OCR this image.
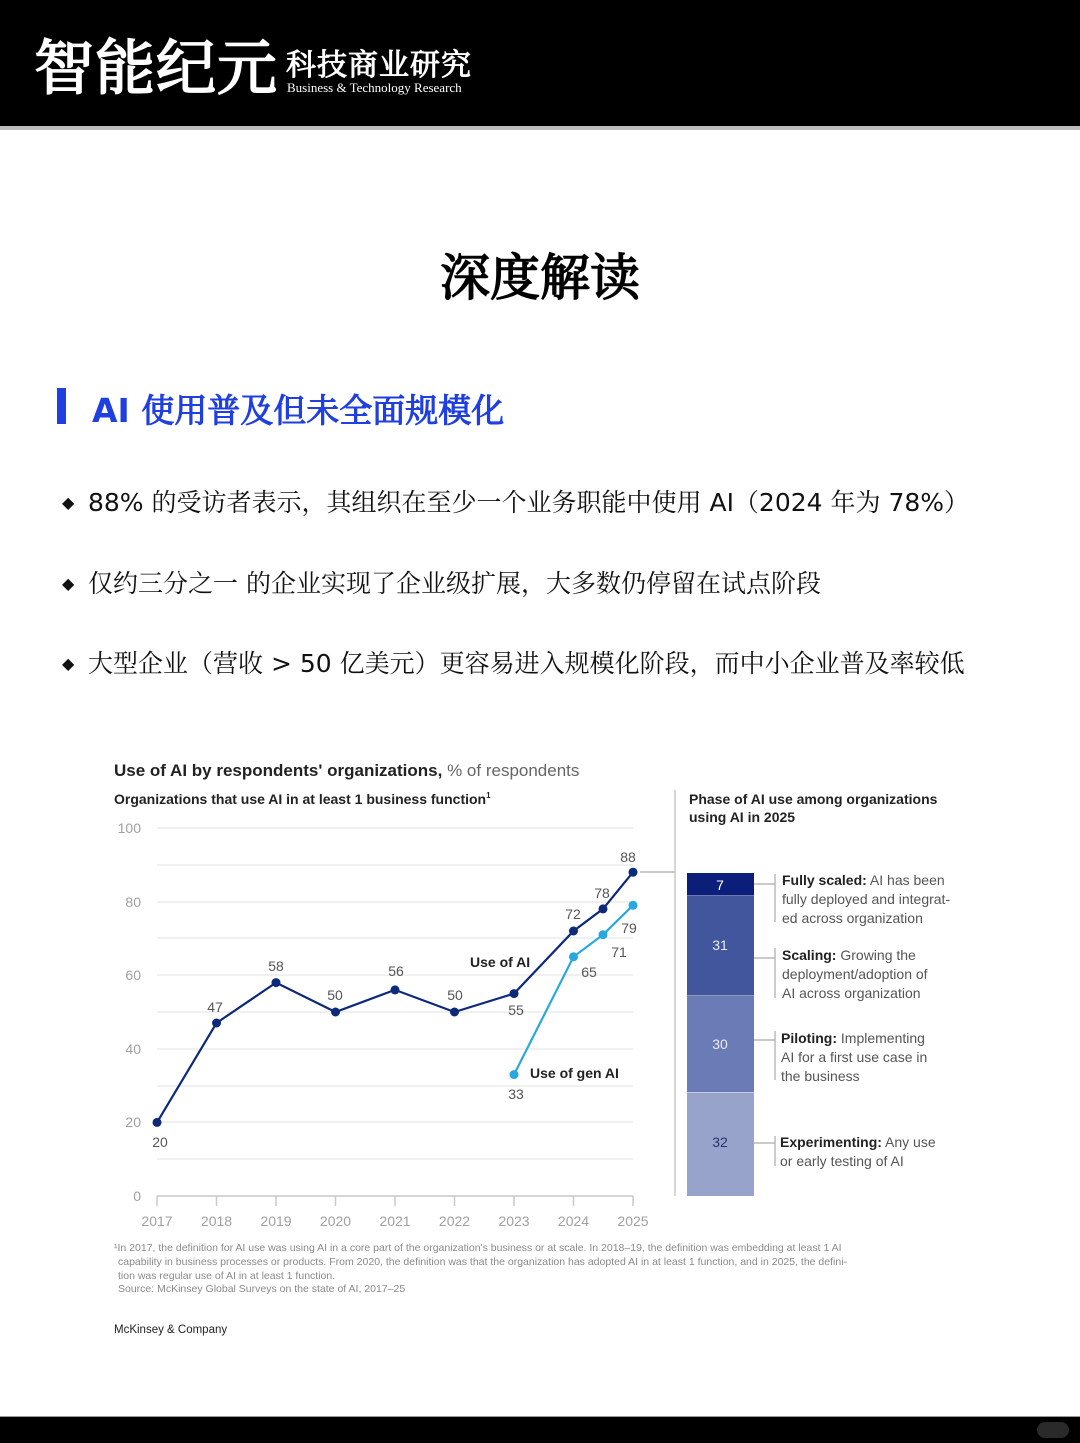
智能纪元 科技商业研究
Business & Technology Research
深度解读
AI 使用普及但未全面规模化
◆ 88% 的受访者表示，其组织在至少一个业务职能中使用 AI（2024 年为 78%）
◆ 仅约三分之一 的企业实现了企业级扩展，大多数仍停留在试点阶段
◆ 大型企业（营收 > 50 亿美元）更容易进入规模化阶段，而中小企业普及率较低
Use of AI by respondents' organizations, % of respondents
Organizations that use AI in at least 1 business function$^1$
100
80
60
40
20
0
2017 2018 2019 2020 2021 2022 2023 2024 2025
20
47
58
50
56
50
55
72
78
88
33
65
71
79
Use of AI
Use of gen AI
Phase of AI use among organizations
using AI in 2025
7
31
30
32
Fully scaled: AI has been
fully deployed and integrat-
ed across organization
Scaling: Growing the
deployment/adoption of
AI across organization
Piloting: Implementing
AI for a first use case in
the business
Experimenting: Any use
or early testing of AI
¹In 2017, the definition for AI use was using AI in a core part of the organization's business or at scale. In 2018–19, the definition was embedding at least 1 AI
capability in business processes or products. From 2020, the definition was that the organization has adopted AI in at least 1 function, and in 2025, the defini-
tion was regular use of AI in at least 1 function.
Source: McKinsey Global Surveys on the state of AI, 2017–25
McKinsey & Company
